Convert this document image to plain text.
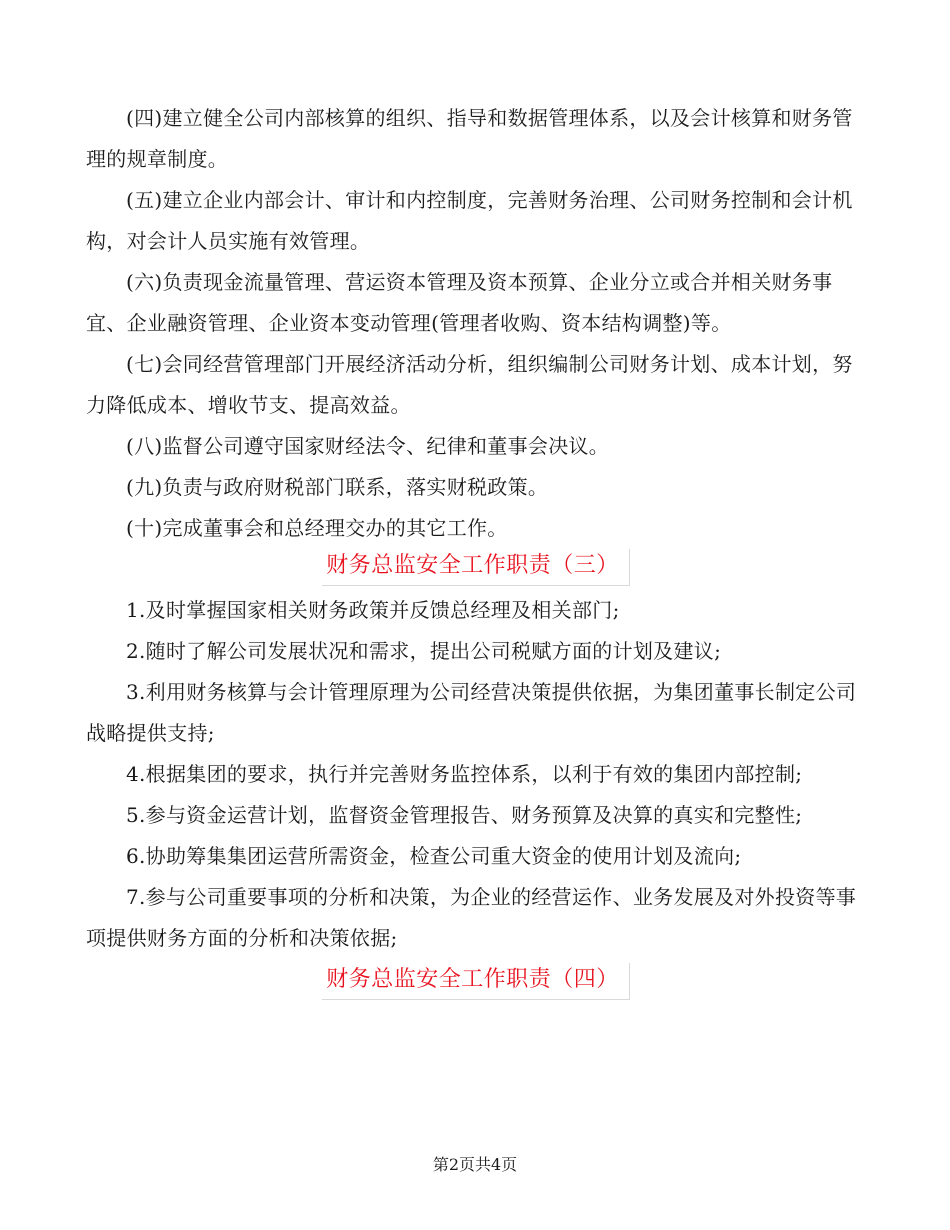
(四)建立健全公司内部核算的组织、指导和数据管理体系，以及会计核算和财务管理的规章制度。

(五)建立企业内部会计、审计和内控制度，完善财务治理、公司财务控制和会计机构，对会计人员实施有效管理。

(六)负责现金流量管理、营运资本管理及资本预算、企业分立或合并相关财务事宜、企业融资管理、企业资本变动管理(管理者收购、资本结构调整)等。

(七)会同经营管理部门开展经济活动分析，组织编制公司财务计划、成本计划，努力降低成本、增收节支、提高效益。

(八)监督公司遵守国家财经法令、纪律和董事会决议。

(九)负责与政府财税部门联系，落实财税政策。

(十)完成董事会和总经理交办的其它工作。

财务总监安全工作职责（三）

1.及时掌握国家相关财务政策并反馈总经理及相关部门;

2.随时了解公司发展状况和需求，提出公司税赋方面的计划及建议;

3.利用财务核算与会计管理原理为公司经营决策提供依据，为集团董事长制定公司战略提供支持;

4.根据集团的要求，执行并完善财务监控体系，以利于有效的集团内部控制;

5.参与资金运营计划，监督资金管理报告、财务预算及决算的真实和完整性;

6.协助筹集集团运营所需资金，检查公司重大资金的使用计划及流向;

7.参与公司重要事项的分析和决策，为企业的经营运作、业务发展及对外投资等事项提供财务方面的分析和决策依据;

财务总监安全工作职责（四）
第2页共4页
